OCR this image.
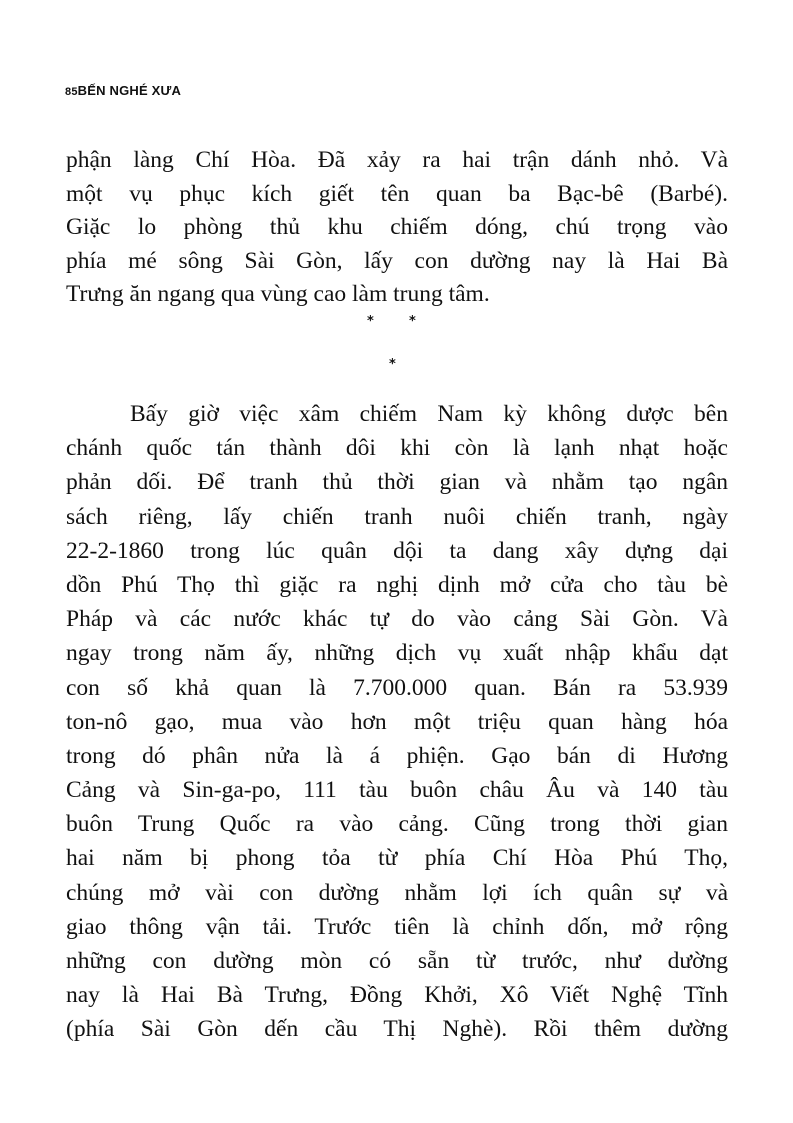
85BẾN NGHÉ XƯA
phận làng Chí Hòa. Đã xảy ra hai trận dánh nhỏ. Và
một vụ phục kích giết tên quan ba Bạc-bê (Barbé).
Giặc lo phòng thủ khu chiếm dóng, chú trọng vào
phía mé sông Sài Gòn, lấy con dường nay là Hai Bà
Trưng ăn ngang qua vùng cao làm trung tâm.
*	*
*
Bấy giờ việc xâm chiếm Nam kỳ không dược bên
chánh quốc tán thành dôi khi còn là lạnh nhạt hoặc
phản dối. Để tranh thủ thời gian và nhằm tạo ngân
sách riêng, lấy chiến tranh nuôi chiến tranh, ngày
22-2-1860 trong lúc quân dội ta dang xây dựng dại
dồn Phú Thọ thì giặc ra nghị dịnh mở cửa cho tàu bè
Pháp và các nước khác tự do vào cảng Sài Gòn. Và
ngay trong năm ấy, những dịch vụ xuất nhập khẩu dạt
con số khả quan là 7.700.000 quan. Bán ra 53.939
ton-nô gạo, mua vào hơn một triệu quan hàng hóa
trong dó phân nửa là á phiện. Gạo bán di Hương
Cảng và Sin-ga-po, 111 tàu buôn châu Âu và 140 tàu
buôn Trung Quốc ra vào cảng. Cũng trong thời gian
hai năm bị phong tỏa từ phía Chí Hòa Phú Thọ,
chúng mở vài con dường nhằm lợi ích quân sự và
giao thông vận tải. Trước tiên là chỉnh dốn, mở rộng
những con dường mòn có sẵn từ trước, như dường
nay là Hai Bà Trưng, Đồng Khởi, Xô Viết Nghệ Tĩnh
(phía Sài Gòn dến cầu Thị Nghè). Rồi thêm dường
